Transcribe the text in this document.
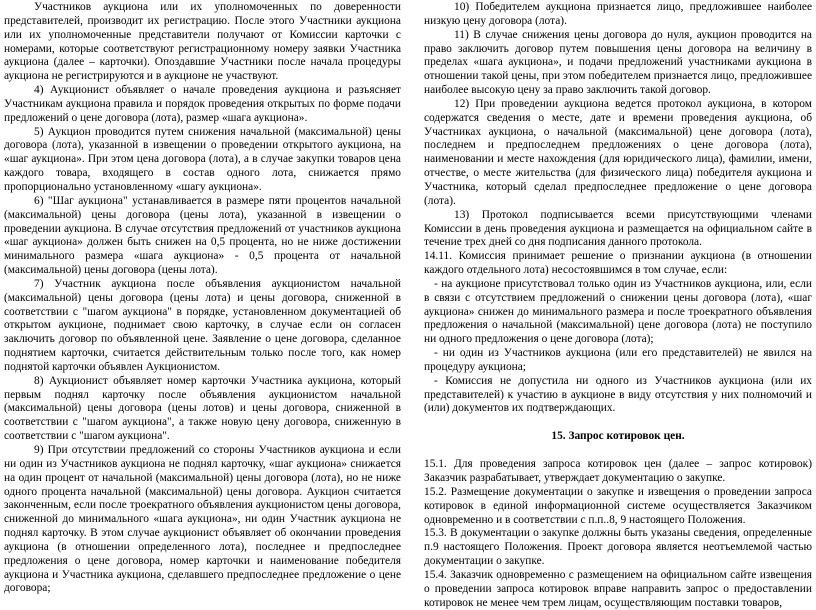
Участников аукциона или их уполномоченных по доверенности представителей, производит их регистрацию. После этого Участники аукциона или их уполномоченные представители получают от Комиссии карточки с номерами, которые соответствуют регистрационному номеру заявки Участника аукциона (далее – карточки). Опоздавшие Участники после начала процедуры аукциона не регистрируются и в аукционе не участвуют.

4) Аукционист объявляет о начале проведения аукциона и разъясняет Участникам аукциона правила и порядок проведения открытых по форме подачи предложений о цене договора (лота), размер «шага аукциона».

5) Аукцион проводится путем снижения начальной (максимальной) цены договора (лота), указанной в извещении о проведении открытого аукциона, на «шаг аукциона». При этом цена договора (лота), а в случае закупки товаров цена каждого товара, входящего в состав одного лота, снижается прямо пропорционально установленному «шагу аукциона».

6) "Шаг аукциона" устанавливается в размере пяти процентов начальной (максимальной) цены договора (цены лота), указанной в извещении о проведении аукциона. В случае отсутствия предложений от участников аукциона «шаг аукциона» должен быть снижен на 0,5 процента, но не ниже достижении минимального размера «шага аукциона» - 0,5 процента от начальной (максимальной) цены договора (цены лота).

7) Участник аукциона после объявления аукционистом начальной (максимальной) цены договора (цены лота) и цены договора, сниженной в соответствии с "шагом аукциона" в порядке, установленном документацией об открытом аукционе, поднимает свою карточку, в случае если он согласен заключить договор по объявленной цене. Заявление о цене договора, сделанное поднятием карточки, считается действительным только после того, как номер поднятой карточки объявлен Аукционистом.

8) Аукционист объявляет номер карточки Участника аукциона, который первым поднял карточку после объявления аукционистом начальной (максимальной) цены договора (цены лотов) и цены договора, сниженной в соответствии с "шагом аукциона", а также новую цену договора, сниженную в соответствии с "шагом аукциона".

9) При отсутствии предложений со стороны Участников аукциона и если ни один из Участников аукциона не поднял карточку, «шаг аукциона» снижается на один процент от начальной (максимальной) цены договора (лота), но не ниже одного процента начальной (максимальной) цены договора. Аукцион считается законченным, если после троекратного объявления аукционистом цены договора, сниженной до минимального «шага аукциона», ни один Участник аукциона не поднял карточку. В этом случае аукционист объявляет об окончании проведения аукциона (в отношении определенного лота), последнее и предпоследнее предложения о цене договора, номер карточки и наименование победителя аукциона и Участника аукциона, сделавшего предпоследнее предложение о цене договора;

10) Победителем аукциона признается лицо, предложившее наиболее низкую цену договора (лота).

11) В случае снижения цены договора до нуля, аукцион проводится на право заключить договор путем повышения цены договора на величину в пределах «шага аукциона», и подачи предложений участниками аукциона в отношении такой цены, при этом победителем признается лицо, предложившее наиболее высокую цену за право заключить такой договор.

12) При проведении аукциона ведется протокол аукциона, в котором содержатся сведения о месте, дате и времени проведения аукциона, об Участниках аукциона, о начальной (максимальной) цене договора (лота), последнем и предпоследнем предложениях о цене договора (лота), наименовании и месте нахождения (для юридического лица), фамилии, имени, отчестве, о месте жительства (для физического лица) победителя аукциона и Участника, который сделал предпоследнее предложение о цене договора (лота).

13) Протокол подписывается всеми присутствующими членами Комиссии в день проведения аукциона и размещается на официальном сайте в течение трех дней со дня подписания данного протокола.

14.11. Комиссия принимает решение о признании аукциона (в отношении каждого отдельного лота) несостоявшимся в том случае, если:

- на аукционе присутствовал только один из Участников аукциона, или, если в связи с отсутствием предложений о снижении цены договора (лота), «шаг аукциона» снижен до минимального размера и после троекратного объявления предложения о начальной (максимальной) цене договора (лота) не поступило ни одного предложения о цене договора (лота);

- ни один из Участников аукциона (или его представителей) не явился на процедуру аукциона;

- Комиссия не допустила ни одного из Участников аукциона (или их представителей) к участию в аукционе в виду отсутствия у них полномочий и (или) документов их подтверждающих.

15. Запрос котировок цен.

15.1. Для проведения запроса котировок цен (далее – запрос котировок) Заказчик разрабатывает, утверждает документацию о закупке.

15.2. Размещение документации о закупке и извещения о проведении запроса котировок в единой информационной системе осуществляется Заказчиком одновременно и в соответствии с п.п..8, 9 настоящего Положения.

15.3. В документации о закупке должны быть указаны сведения, определенные п.9 настоящего Положения. Проект договора является неотъемлемой частью документации о закупке.

15.4. Заказчик одновременно с размещением на официальном сайте извещения о проведении запроса котировок вправе направить запрос о предоставлении котировок не менее чем трем лицам, осуществляющим поставки товаров,
